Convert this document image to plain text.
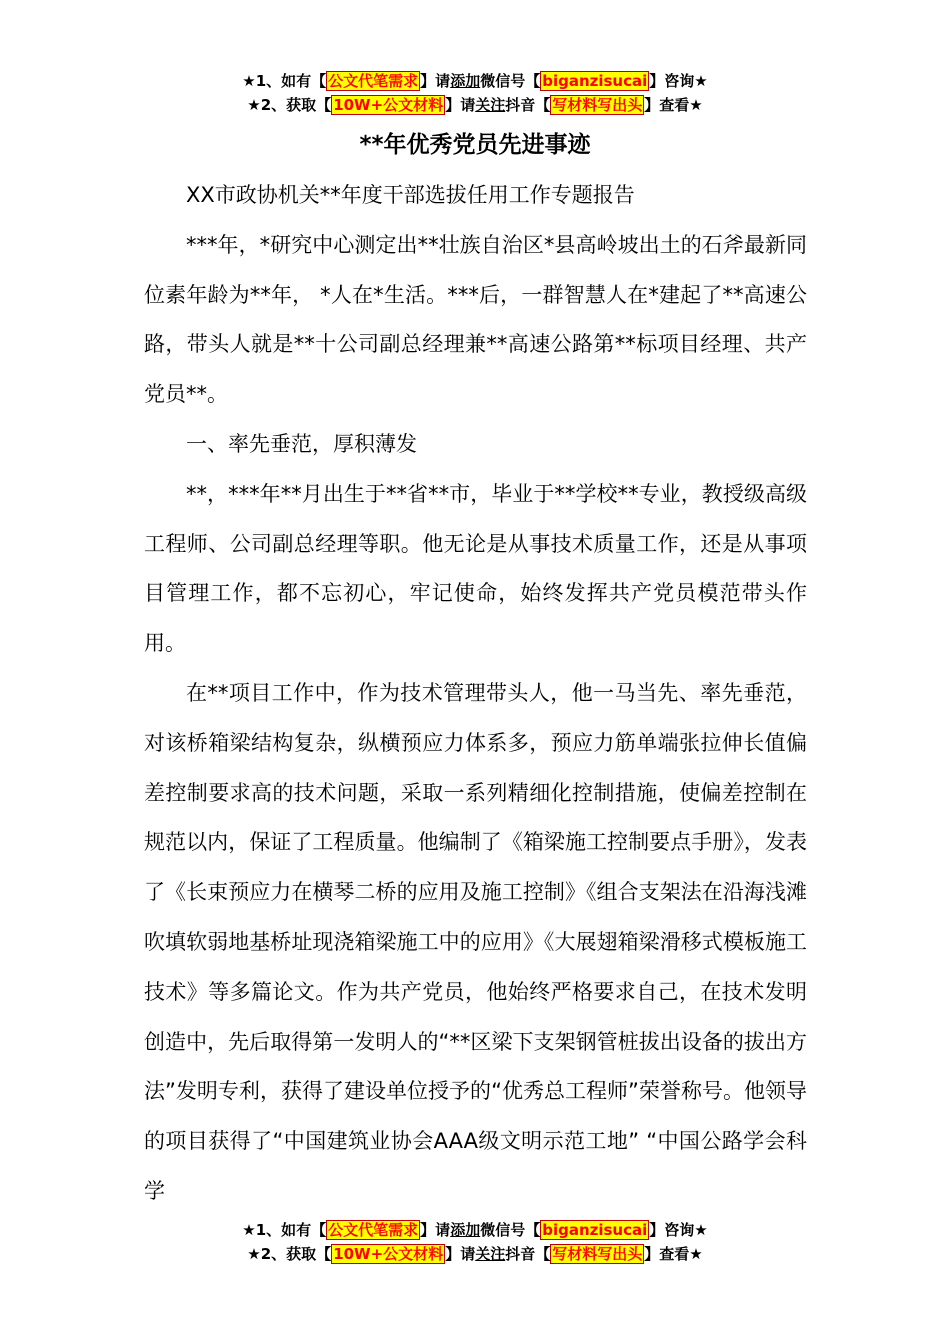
★1、如有【 公文代笔需求 】请添加微信号【 biganzisucai 】咨询★
★2、获取【 10W+公文材料 】请关注抖音【 写材料写出头 】查看★
**年优秀党员先进事迹

XX市政协机关**年度干部选拔任用工作专题报告

***年，*研究中心测定出**壮族自治区*县高岭坡出土的石斧最新同位素年龄为**年， *人在*生活。***后，一群智慧人在*建起了**高速公路，带头人就是**十公司副总经理兼**高速公路第**标项目经理、共产党员**。

一、率先垂范，厚积薄发

**，***年**月出生于**省**市，毕业于**学校**专业，教授级高级工程师、公司副总经理等职。他无论是从事技术质量工作，还是从事项目管理工作，都不忘初心，牢记使命，始终发挥共产党员模范带头作用。

在**项目工作中，作为技术管理带头人，他一马当先、率先垂范，对该桥箱梁结构复杂，纵横预应力体系多，预应力筋单端张拉伸长值偏差控制要求高的技术问题，采取一系列精细化控制措施，使偏差控制在规范以内，保证了工程质量。他编制了《箱梁施工控制要点手册》，发表了《长束预应力在横琴二桥的应用及施工控制》《组合支架法在沿海浅滩吹填软弱地基桥址现浇箱梁施工中的应用》《大展翅箱梁滑移式模板施工技术》等多篇论文。作为共产党员，他始终严格要求自己，在技术发明创造中，先后取得第一发明人的“**区梁下支架钢管桩拔出设备的拔出方法”发明专利，获得了建设单位授予的“优秀总工程师”荣誉称号。他领导的项目获得了“中国建筑业协会AAA级文明示范工地” “中国公路学会科学

★1、如有【 公文代笔需求 】请添加微信号【 biganzisucai 】咨询★
★2、获取【 10W+公文材料 】请关注抖音【 写材料写出头 】查看★
